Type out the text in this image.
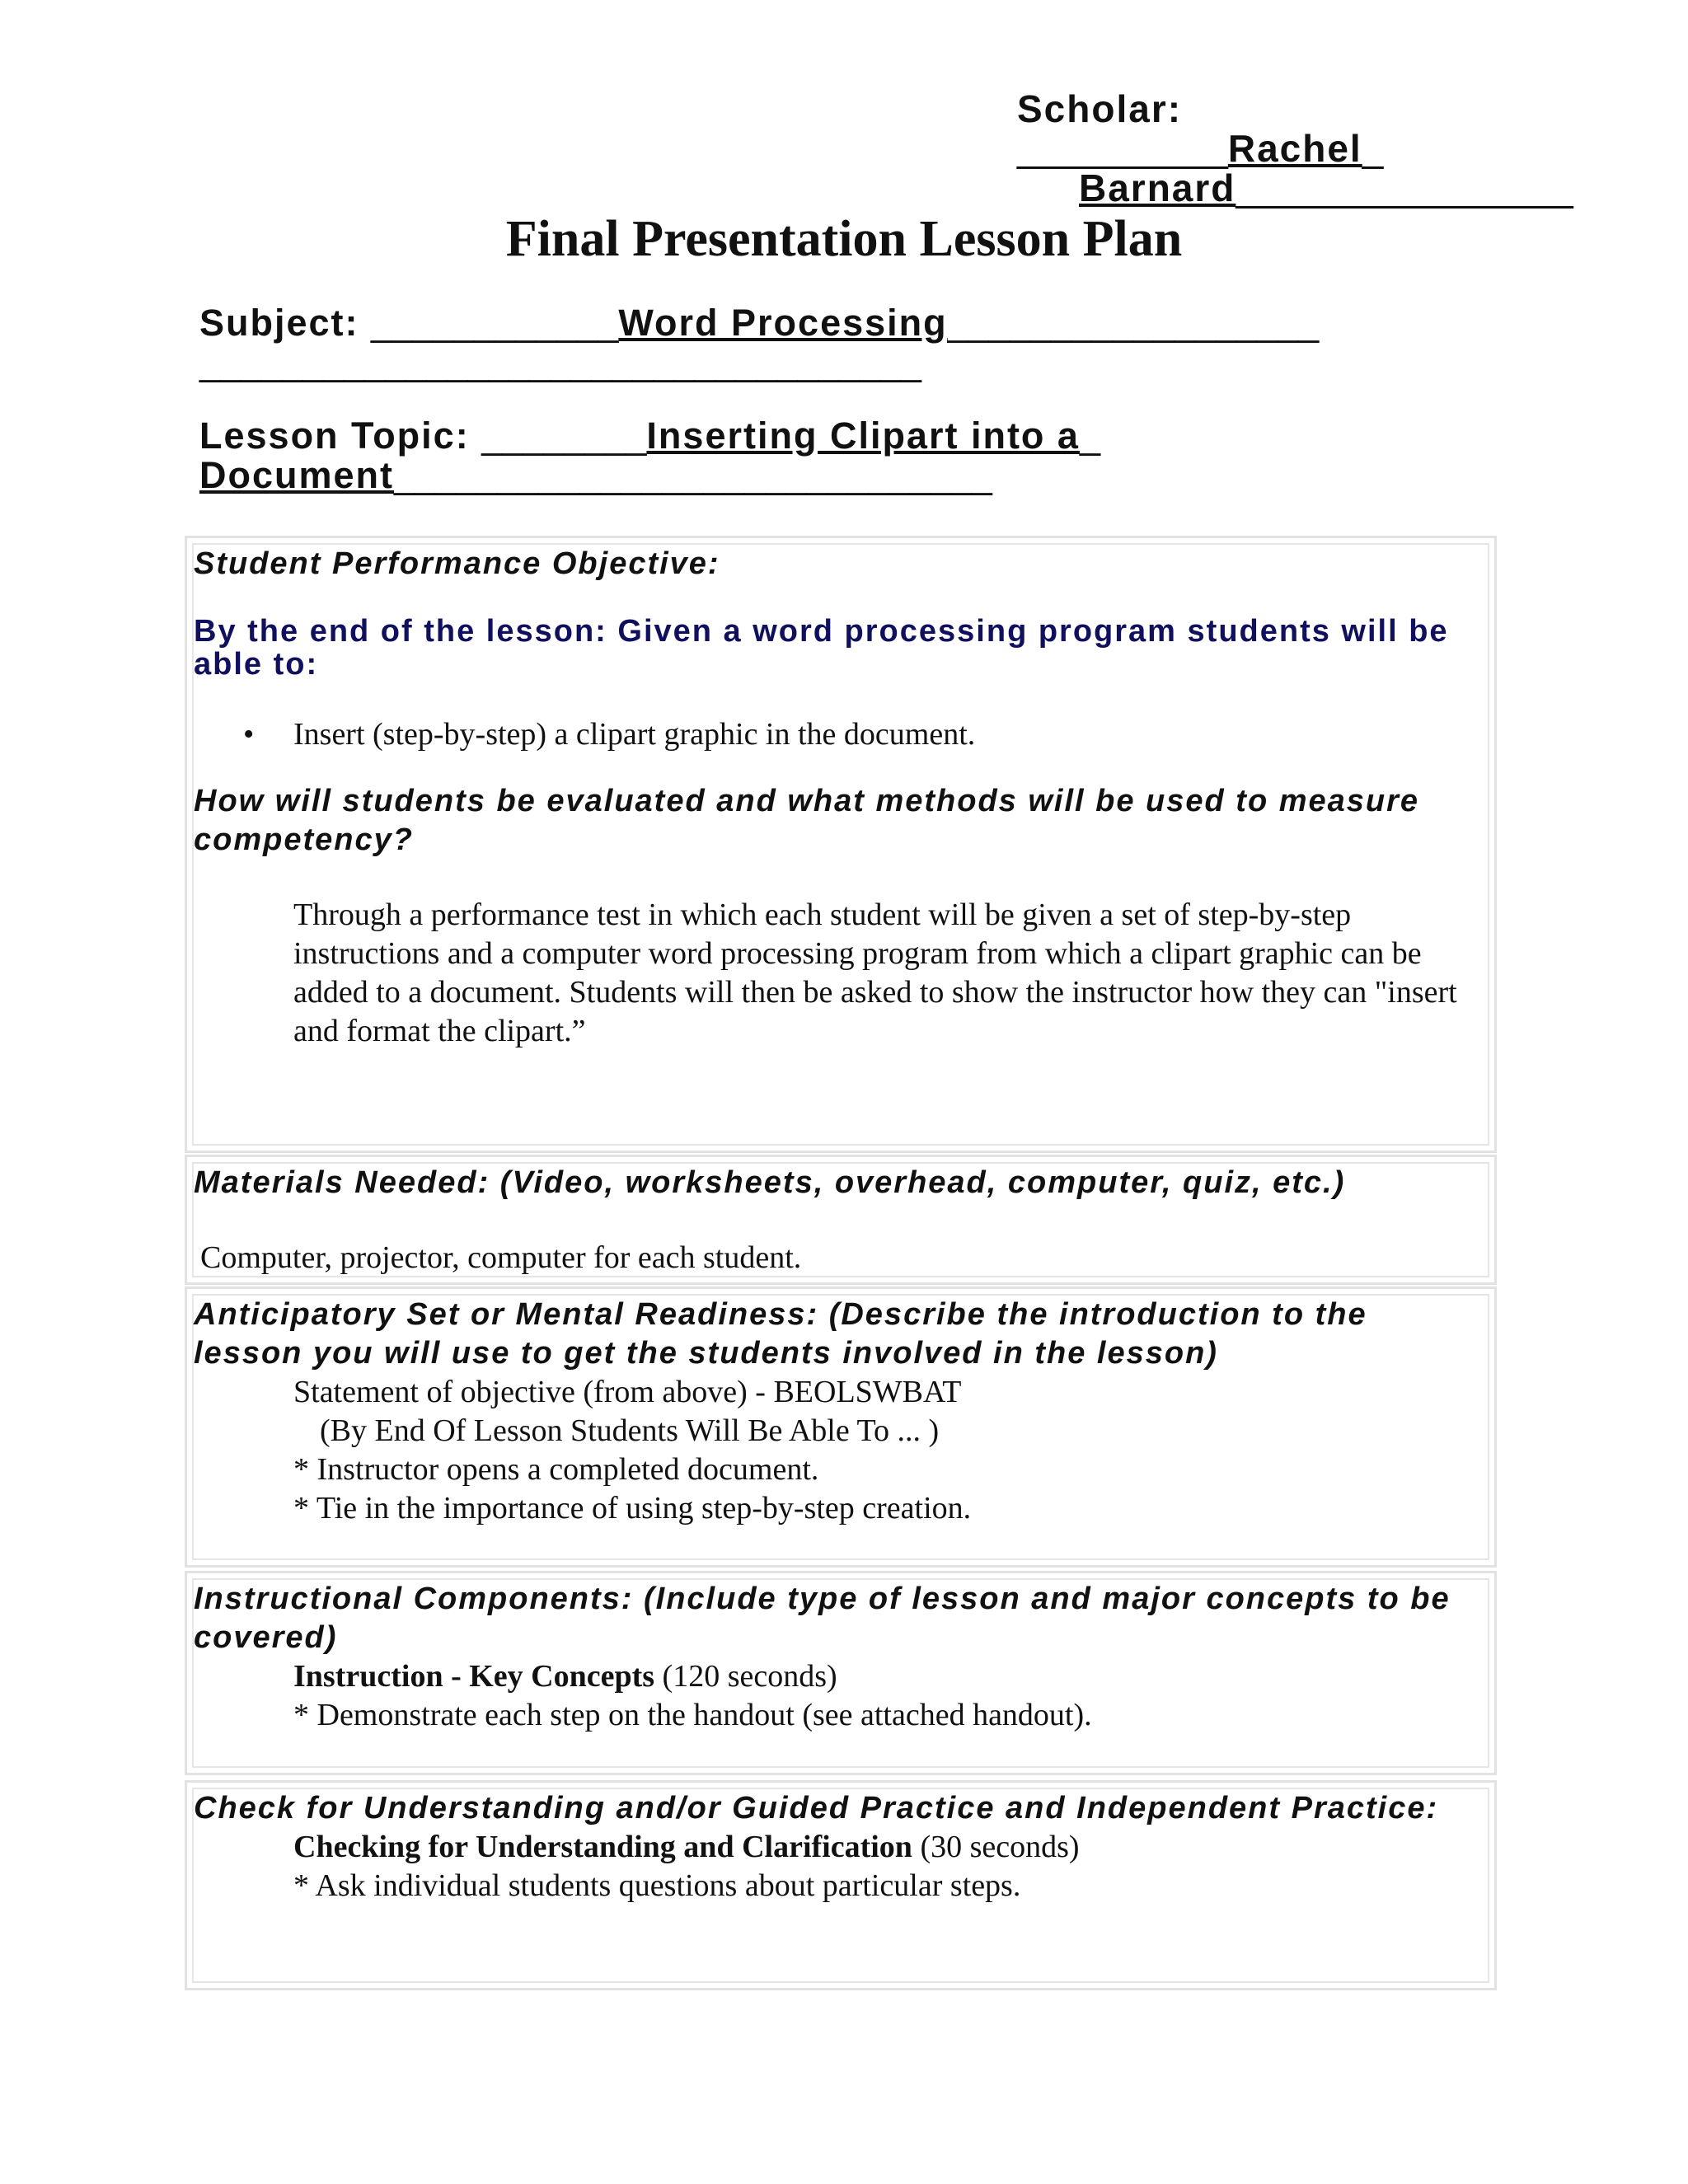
Scholar: __________Rachel_
Barnard________________
Final Presentation Lesson Plan
Subject: ____________Word Processing__________________
___________________________________
Lesson Topic: ________Inserting Clipart into a_
Document_____________________________

Student Performance Objective:

By the end of the lesson: Given a word processing program students will be able to:

• Insert (step-by-step) a clipart graphic in the document.

How will students be evaluated and what methods will be used to measure competency?

Through a performance test in which each student will be given a set of step-by-step instructions and a computer word processing program from which a clipart graphic can be added to a document. Students will then be asked to show the instructor how they can "insert and format the clipart.”

Materials Needed: (Video, worksheets, overhead, computer, quiz, etc.)

Computer, projector, computer for each student.

Anticipatory Set or Mental Readiness: (Describe the introduction to the lesson you will use to get the students involved in the lesson)

Statement of objective (from above) - BEOLSWBAT
(By End Of Lesson Students Will Be Able To ... )
* Instructor opens a completed document.
* Tie in the importance of using step-by-step creation.

Instructional Components: (Include type of lesson and major concepts to be covered)

Instruction - Key Concepts (120 seconds)
* Demonstrate each step on the handout (see attached handout).

Check for Understanding and/or Guided Practice and Independent Practice:

Checking for Understanding and Clarification (30 seconds)
* Ask individual students questions about particular steps.
